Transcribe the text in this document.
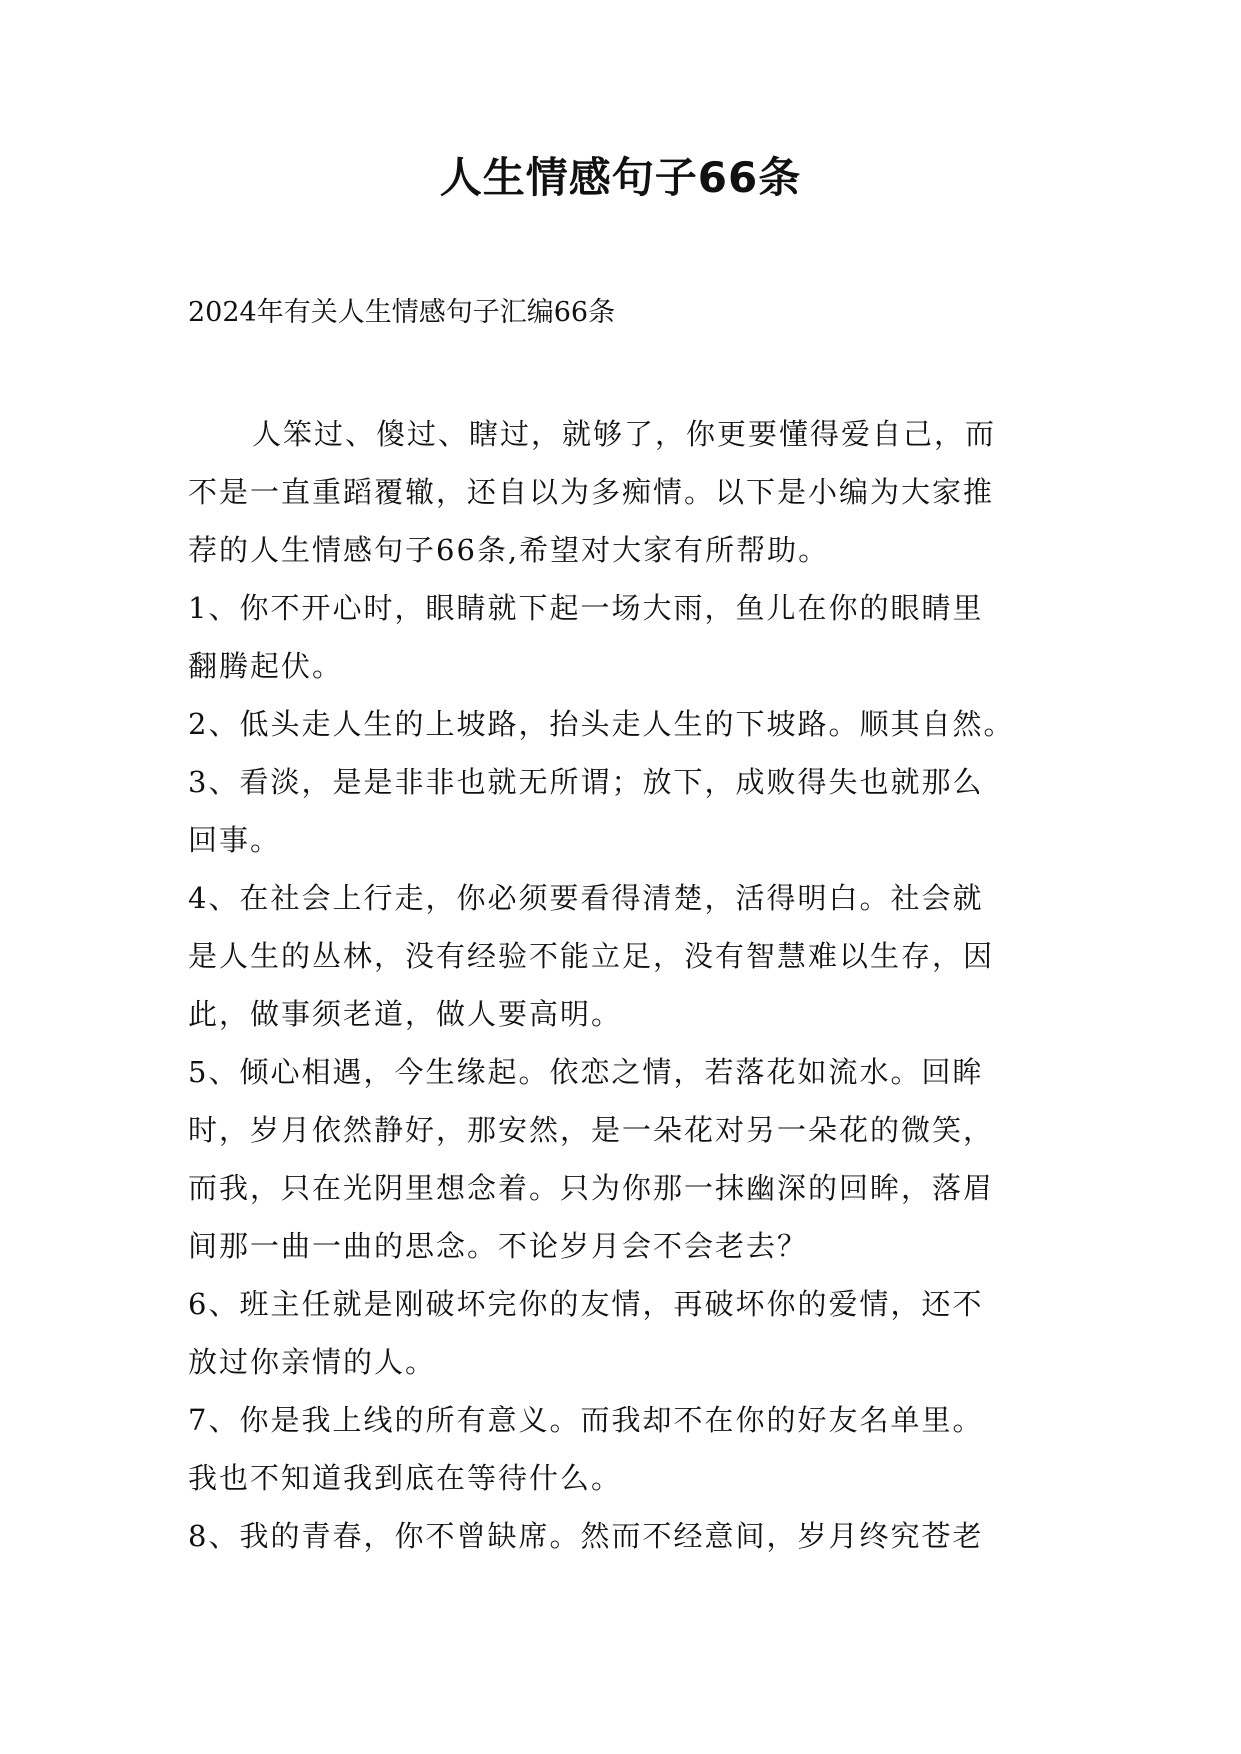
人生情感句子66条
2024年有关人生情感句子汇编66条
人笨过、傻过、瞎过，就够了，你更要懂得爱自己，而
不是一直重蹈覆辙，还自以为多痴情。以下是小编为大家推
荐的人生情感句子66条,希望对大家有所帮助。
1、你不开心时，眼睛就下起一场大雨，鱼儿在你的眼睛里
翻腾起伏。
2、低头走人生的上坡路，抬头走人生的下坡路。顺其自然。
3、看淡，是是非非也就无所谓；放下，成败得失也就那么
回事。
4、在社会上行走，你必须要看得清楚，活得明白。社会就
是人生的丛林，没有经验不能立足，没有智慧难以生存，因
此，做事须老道，做人要高明。
5、倾心相遇，今生缘起。依恋之情，若落花如流水。回眸
时，岁月依然静好，那安然，是一朵花对另一朵花的微笑，
而我，只在光阴里想念着。只为你那一抹幽深的回眸，落眉
间那一曲一曲的思念。不论岁月会不会老去？
6、班主任就是刚破坏完你的友情，再破坏你的爱情，还不
放过你亲情的人。
7、你是我上线的所有意义。而我却不在你的好友名单里。
我也不知道我到底在等待什么。
8、我的青春，你不曾缺席。然而不经意间，岁月终究苍老
